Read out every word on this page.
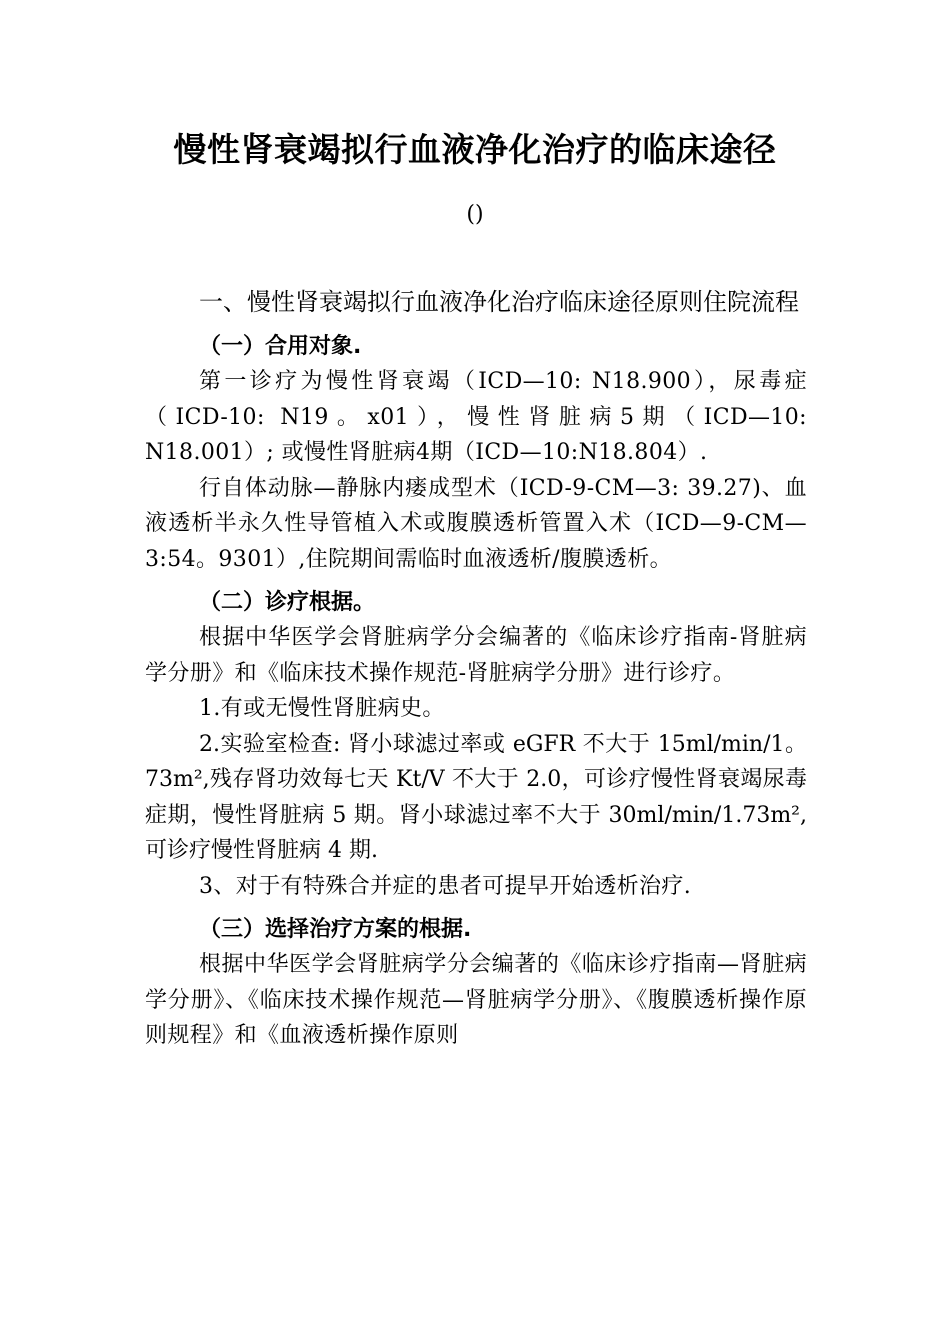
慢性肾衰竭拟行血液净化治疗的临床途径
()

一、慢性肾衰竭拟行血液净化治疗临床途径原则住院流程

（一）合用对象.

第一诊疗为慢性肾衰竭（ICD—10: N18.900），尿毒症（ICD-10: N19。x01），慢性肾脏病5期（ICD—10: N18.001）; 或慢性肾脏病4期（ICD—10:N18.804）.

行自体动脉—静脉内瘘成型术（ICD-9-CM—3: 39.27)、血液透析半永久性导管植入术或腹膜透析管置入术（ICD—9-CM—3:54。9301）,住院期间需临时血液透析/腹膜透析。

（二）诊疗根据。

根据中华医学会肾脏病学分会编著的《临床诊疗指南-肾脏病学分册》和《临床技术操作规范-肾脏病学分册》进行诊疗。

1.有或无慢性肾脏病史。

2.实验室检查: 肾小球滤过率或 eGFR 不大于 15ml/min/1。73m²,残存肾功效每七天 Kt/V 不大于 2.0，可诊疗慢性肾衰竭尿毒症期，慢性肾脏病 5 期。肾小球滤过率不大于 30ml/min/1.73m²,可诊疗慢性肾脏病 4 期.

3、对于有特殊合并症的患者可提早开始透析治疗.

（三）选择治疗方案的根据.

根据中华医学会肾脏病学分会编著的《临床诊疗指南—肾脏病学分册》、《临床技术操作规范—肾脏病学分册》、《腹膜透析操作原则规程》和《血液透析操作原则
